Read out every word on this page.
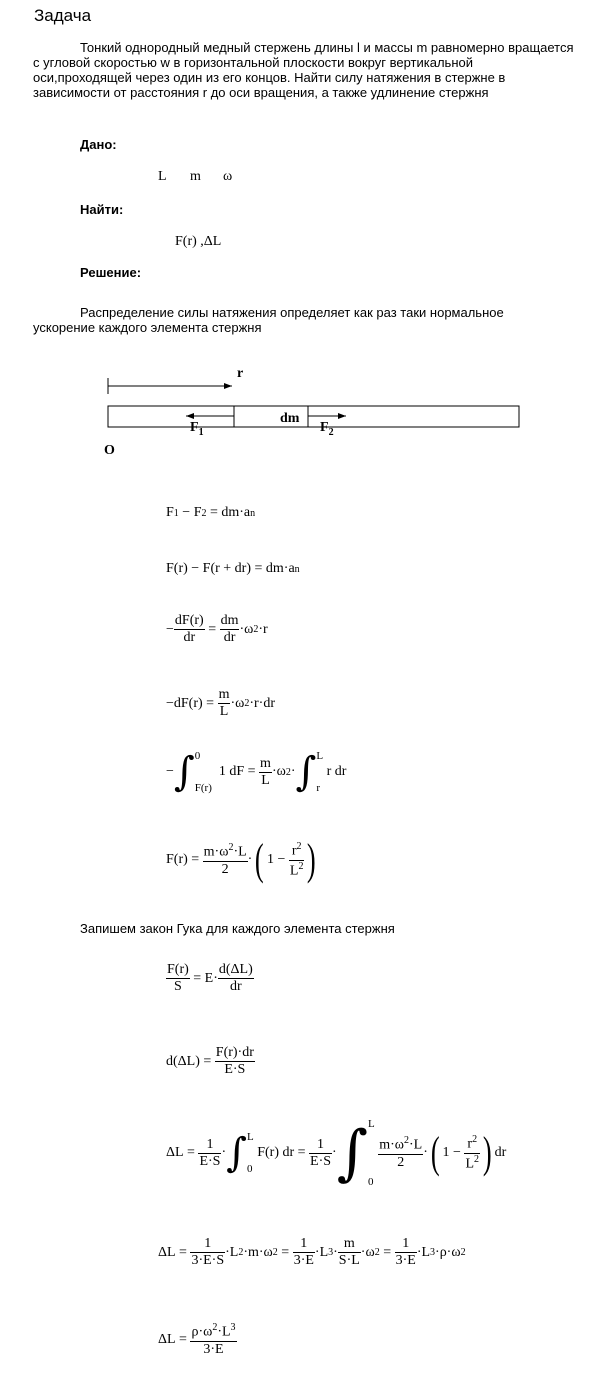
Задача
Тонкий однородный медный стержень длины l и массы m равномерно вращается
с угловой скоростью w в горизонтальной плоскости вокруг вертикальной
оси,проходящей через один из его концов. Найти силу натяжения в стержне в
зависимости от расстояния r до оси вращения, а также удлинение стержня
Дано:
L m ω
Найти:
F(r) ,ΔL
Решение:
Распределение силы натяжения определяет как раз таки нормальное
ускорение каждого элемента стержня
r
dm
$F_1$	$F_2$
O
F 1 − F 2 = dm·a n
F(r) − F(r + dr) = dm·a n
− $\frac{dF(r)}{dr} = \frac{dm}{dr} \cdot\omega$ 2 ·r
$-dF(r) = \frac{m}{L} \cdot\omega$ 2 ·r·dr
− ∫ 0
F(r)
1 dF = $\frac{m}{L} \cdot\omega$ 2 · ∫ L
r
r dr
$F(r) = \frac{m\cdot\omega^2\cdot L}{2}$ · ( $1 - \frac{r^2}{L^2}$ )
Запишем закон Гука для каждого элемента стержня
$\frac{F(r)}{S} = E\cdot \frac{d(\Delta L)}{dr}$
$d(\Delta L) = \frac{F(r)\cdot dr}{E\cdot S}$
$\Delta L = \frac{1}{E\cdot S}$ · ∫ L
0
F(r) dr = $\frac{1}{E\cdot S}$ · ∫ L
0

$\frac{m\cdot\omega^2\cdot L}{2}$ · ( $1 - \frac{r^2}{L^2}$ ) dr
$\Delta L = \frac{1}{3\cdot E\cdot S} \cdot L$ 2 ·m·ω $2 = \frac{1}{3\cdot E} \cdot L$ $3 \cdot \frac{m}{S\cdot L} \cdot\omega$ $2 = \frac{1}{3\cdot E} \cdot L$ 3 ·ρ·ω 2
$\Delta L = \frac{\rho\cdot\omega^2\cdot L^3}{3\cdot E}$
